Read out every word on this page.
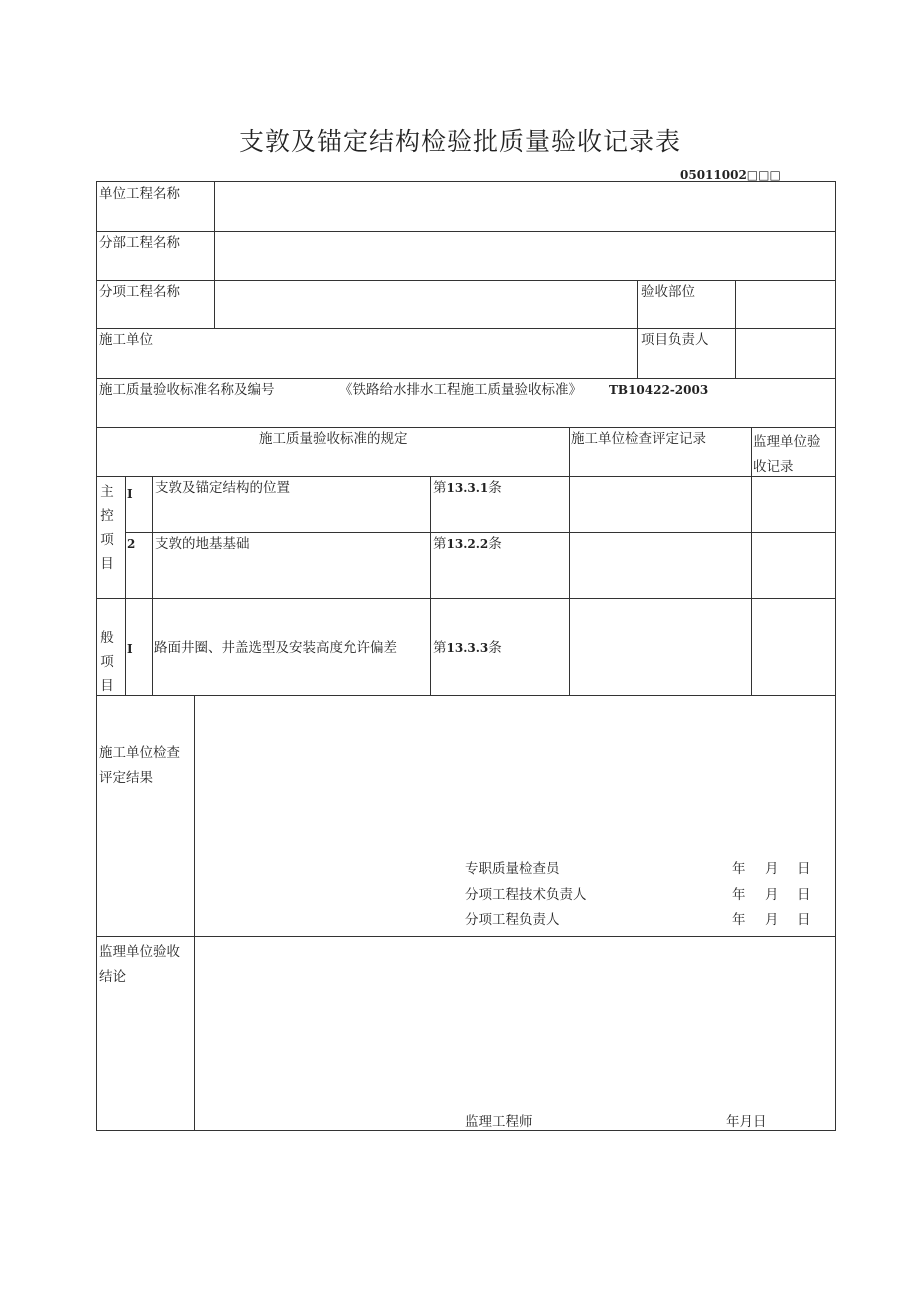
支敦及锚定结构检验批质量验收记录表
05011002□□□
单位工程名称
分部工程名称
分项工程名称	验收部位
施工单位	项目负责人
施工质量验收标准名称及编号	《铁路给水排水工程施工质量验收标准》 TB10422-2003
施工质量验收标准的规定	施工单位检查评定记录	监理单位验
收记录
主
控
项
目
I 支敦及锚定结构的位置	第13.3.1条
2 支敦的地基基础	第13.2.2条
般
项
目
I 路面井圈、井盖选型及安装高度允许偏差	第13.3.3条
施工单位检查
评定结果
专职质量检查员	年 月 日
分项工程技术负责人	年 月 日
分项工程负责人	年 月 日
监理单位验收
结论
监理工程师	年月日
